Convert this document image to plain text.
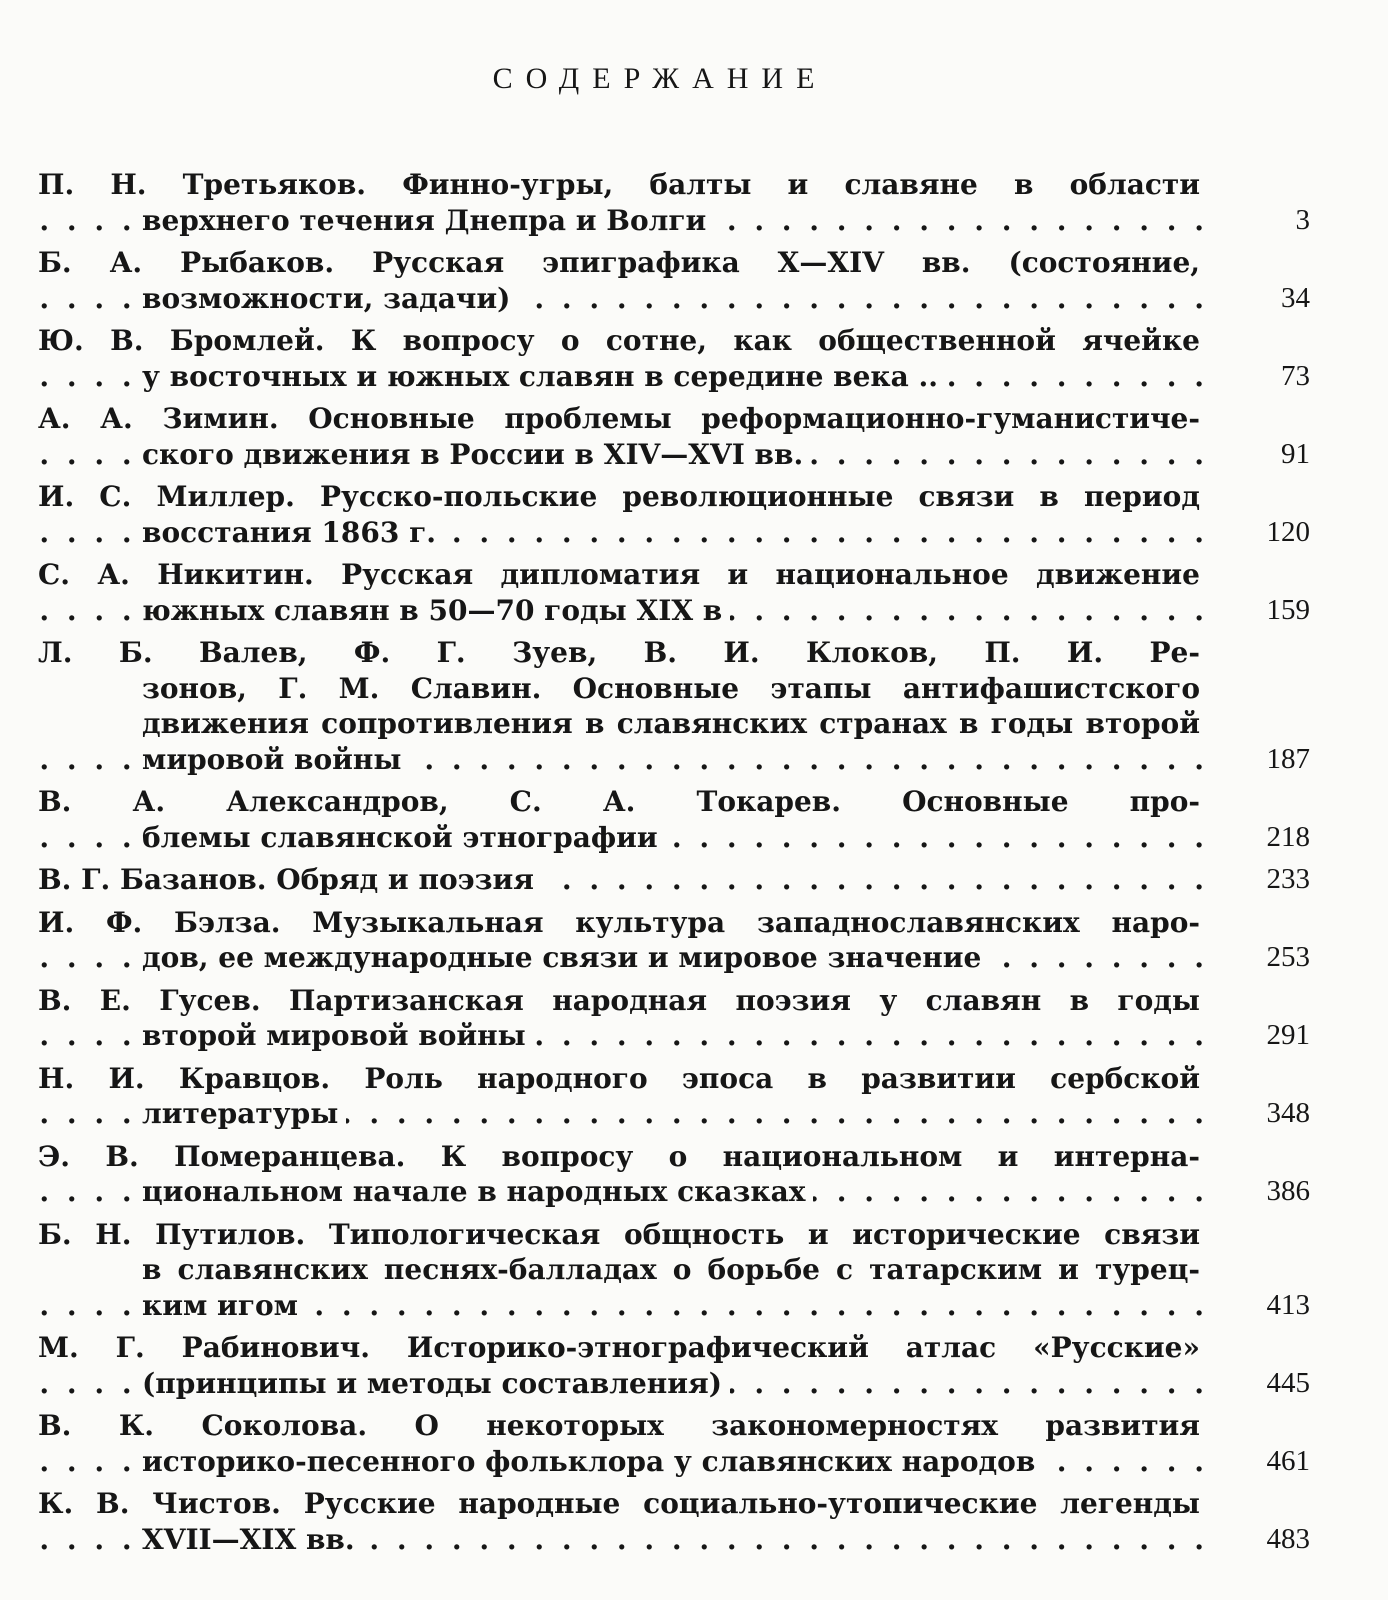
СОДЕРЖАНИЕ
П. Н. Третьяков. Финно-угры, балты и славяне в области
верхнего течения Днепра и Волги . . .	3
Б. А. Рыбаков. Русская эпиграфика X—XIV вв. (состояние,
возможности, задачи) . . .	34
Ю. В. Бромлей. К вопросу о сотне, как общественной ячейке
у восточных и южных славян в середине века .. . . .	73
А. А. Зимин. Основные проблемы реформационно-гуманистиче-
ского движения в России в XIV—XVI вв. . . .	91
И. С. Миллер. Русско-польские революционные связи в период
восстания 1863 г. . . .	120
С. А. Никитин. Русская дипломатия и национальное движение
южных славян в 50—70 годы XIX в . . .	159
Л. Б. Валев, Ф. Г. Зуев, В. И. Клоков, П. И. Ре-
зонов, Г. М. Славин. Основные этапы антифашистского
движения сопротивления в славянских странах в годы второй
мировой войны . . .	187
В. А. Александров, С. А. Токарев. Основные про-
блемы славянской этнографии . . .	218
В. Г. Базанов. Обряд и поэзия . . .	233
И. Ф. Бэлза. Музыкальная культура западнославянских наро-
дов, ее международные связи и мировое значение . . .	253
В. Е. Гусев. Партизанская народная поэзия у славян в годы
второй мировой войны . . .	291
Н. И. Кравцов. Роль народного эпоса в развитии сербской
литературы . . .	348
Э. В. Померанцева. К вопросу о национальном и интерна-
циональном начале в народных сказках . . .	386
Б. Н. Путилов. Типологическая общность и исторические связи
в славянских песнях-балладах о борьбе с татарским и турец-
ким игом . . .	413
М. Г. Рабинович. Историко-этнографический атлас «Русские»
(принципы и методы составления) . . .	445
В. К. Соколова. О некоторых закономерностях развития
историко-песенного фольклора у славянских народов . . .	461
К. В. Чистов. Русские народные социально-утопические легенды
XVII—XIX вв. . . .	483
